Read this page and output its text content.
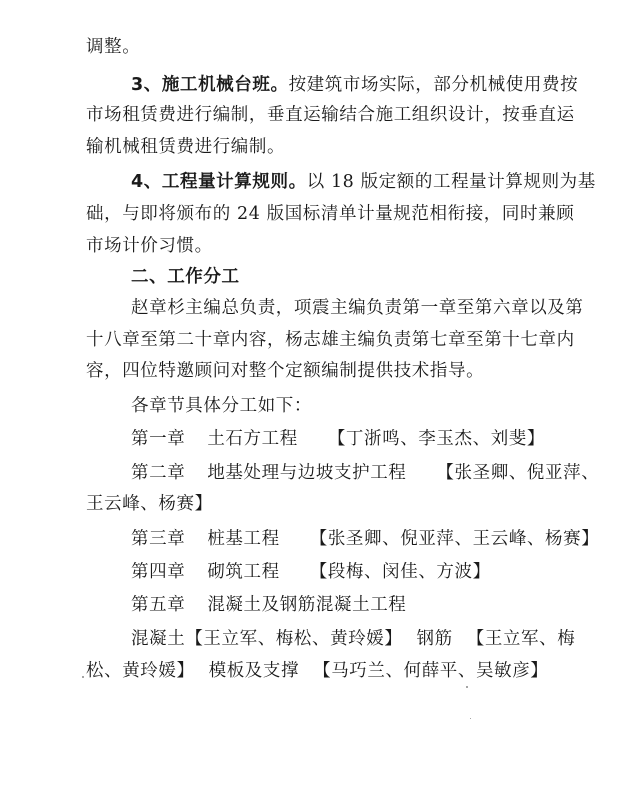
调整。
3、施工机械台班。按建筑市场实际，部分机械使用费按
市场租赁费进行编制，垂直运输结合施工组织设计，按垂直运
输机械租赁费进行编制。
4、工程量计算规则。以 18 版定额的工程量计算规则为基
础，与即将颁布的 24 版国标清单计量规范相衔接，同时兼顾
市场计价习惯。
二、工作分工
赵章杉主编总负责，项震主编负责第一章至第六章以及第
十八章至第二十章内容，杨志雄主编负责第七章至第十七章内
容，四位特邀顾问对整个定额编制提供技术指导。
各章节具体分工如下：
第一章 土石方工程 【丁浙鸣、李玉杰、刘斐】
第二章 地基处理与边坡支护工程 【张圣卿、倪亚萍、
王云峰、杨赛】
第三章 桩基工程 【张圣卿、倪亚萍、王云峰、杨赛】
第四章 砌筑工程 【段梅、闵佳、方波】
第五章 混凝土及钢筋混凝土工程
混凝土【王立军、梅松、黄玲媛】 钢筋 【王立军、梅
松、黄玲媛】 模板及支撑 【马巧兰、何薛平、吴敏彦】
